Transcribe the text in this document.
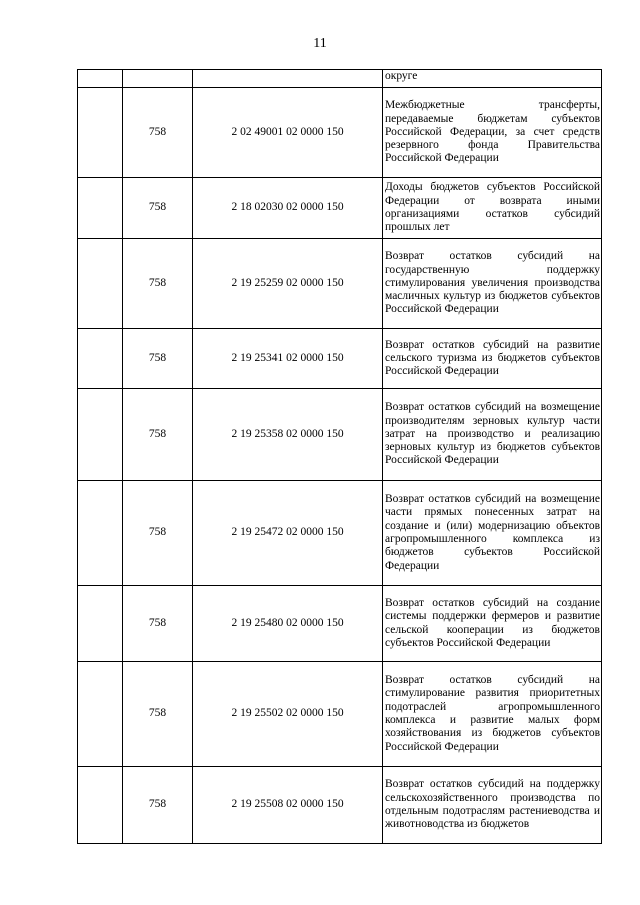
11
			округе
	758	2 02 49001 02 0000 150	Межбюджетные трансферты, передаваемые бюджетам субъектов Российской Федерации, за счет средств резервного фонда Правительства Российской Федерации
	758	2 18 02030 02 0000 150	Доходы бюджетов субъектов Российской Федерации от возврата иными организациями остатков субсидий прошлых лет
	758	2 19 25259 02 0000 150	Возврат остатков субсидий на государственную поддержку стимулирования увеличения производства масличных культур из бюджетов субъектов Российской Федерации
	758	2 19 25341 02 0000 150	Возврат остатков субсидий на развитие сельского туризма из бюджетов субъектов Российской Федерации
	758	2 19 25358 02 0000 150	Возврат остатков субсидий на возмещение производителям зерновых культур части затрат на производство и реализацию зерновых культур из бюджетов субъектов Российской Федерации
	758	2 19 25472 02 0000 150	Возврат остатков субсидий на возмещение части прямых понесенных затрат на создание и (или) модернизацию объектов агропромышленного комплекса из бюджетов субъектов Российской Федерации
	758	2 19 25480 02 0000 150	Возврат остатков субсидий на создание системы поддержки фермеров и развитие сельской кооперации из бюджетов субъектов Российской Федерации
	758	2 19 25502 02 0000 150	Возврат остатков субсидий на стимулирование развития приоритетных подотраслей агропромышленного комплекса и развитие малых форм хозяйствования из бюджетов субъектов Российской Федерации
	758	2 19 25508 02 0000 150	Возврат остатков субсидий на поддержку сельскохозяйственного производства по отдельным подотраслям растениеводства и животноводства из бюджетов
